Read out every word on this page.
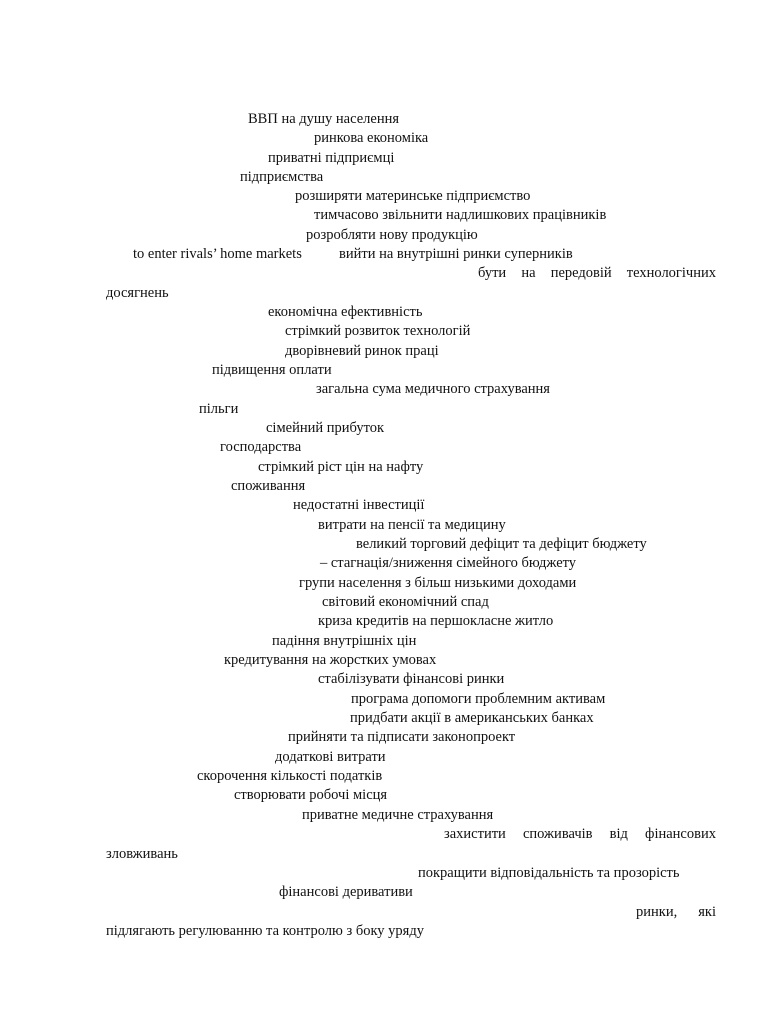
ВВП на душу населення
ринкова економіка
приватні підприємці
підприємства
розширяти материнське підприємство
тимчасово звільнити надлишкових працівників
розробляти нову продукцію
to enter rivals’ home markets	вийти на внутрішні ринки суперників
бути на передовій технологічних
досягнень
економічна ефективність
стрімкий розвиток технологій
дворівневий ринок праці
підвищення оплати
загальна сума медичного страхування
пільги
сімейний прибуток
господарства
стрімкий ріст цін на нафту
споживання
недостатні інвестиції
витрати на пенсії та медицину
великий торговий дефіцит та дефіцит бюджету
– стагнація/зниження сімейного бюджету
групи населення з більш низькими доходами
світовий економічний спад
криза кредитів на першокласне житло
падіння внутрішніх цін
кредитування на жорстких умовах
стабілізувати фінансові ринки
програма допомоги проблемним активам
придбати акції в американських банках
прийняти та підписати законопроект
додаткові витрати
скорочення кількості податків
створювати робочі місця
приватне медичне страхування
захистити споживачів від фінансових
зловживань
покращити відповідальність та прозорість
фінансові деривативи
ринки, які
підлягають регулюванню та контролю з боку уряду
